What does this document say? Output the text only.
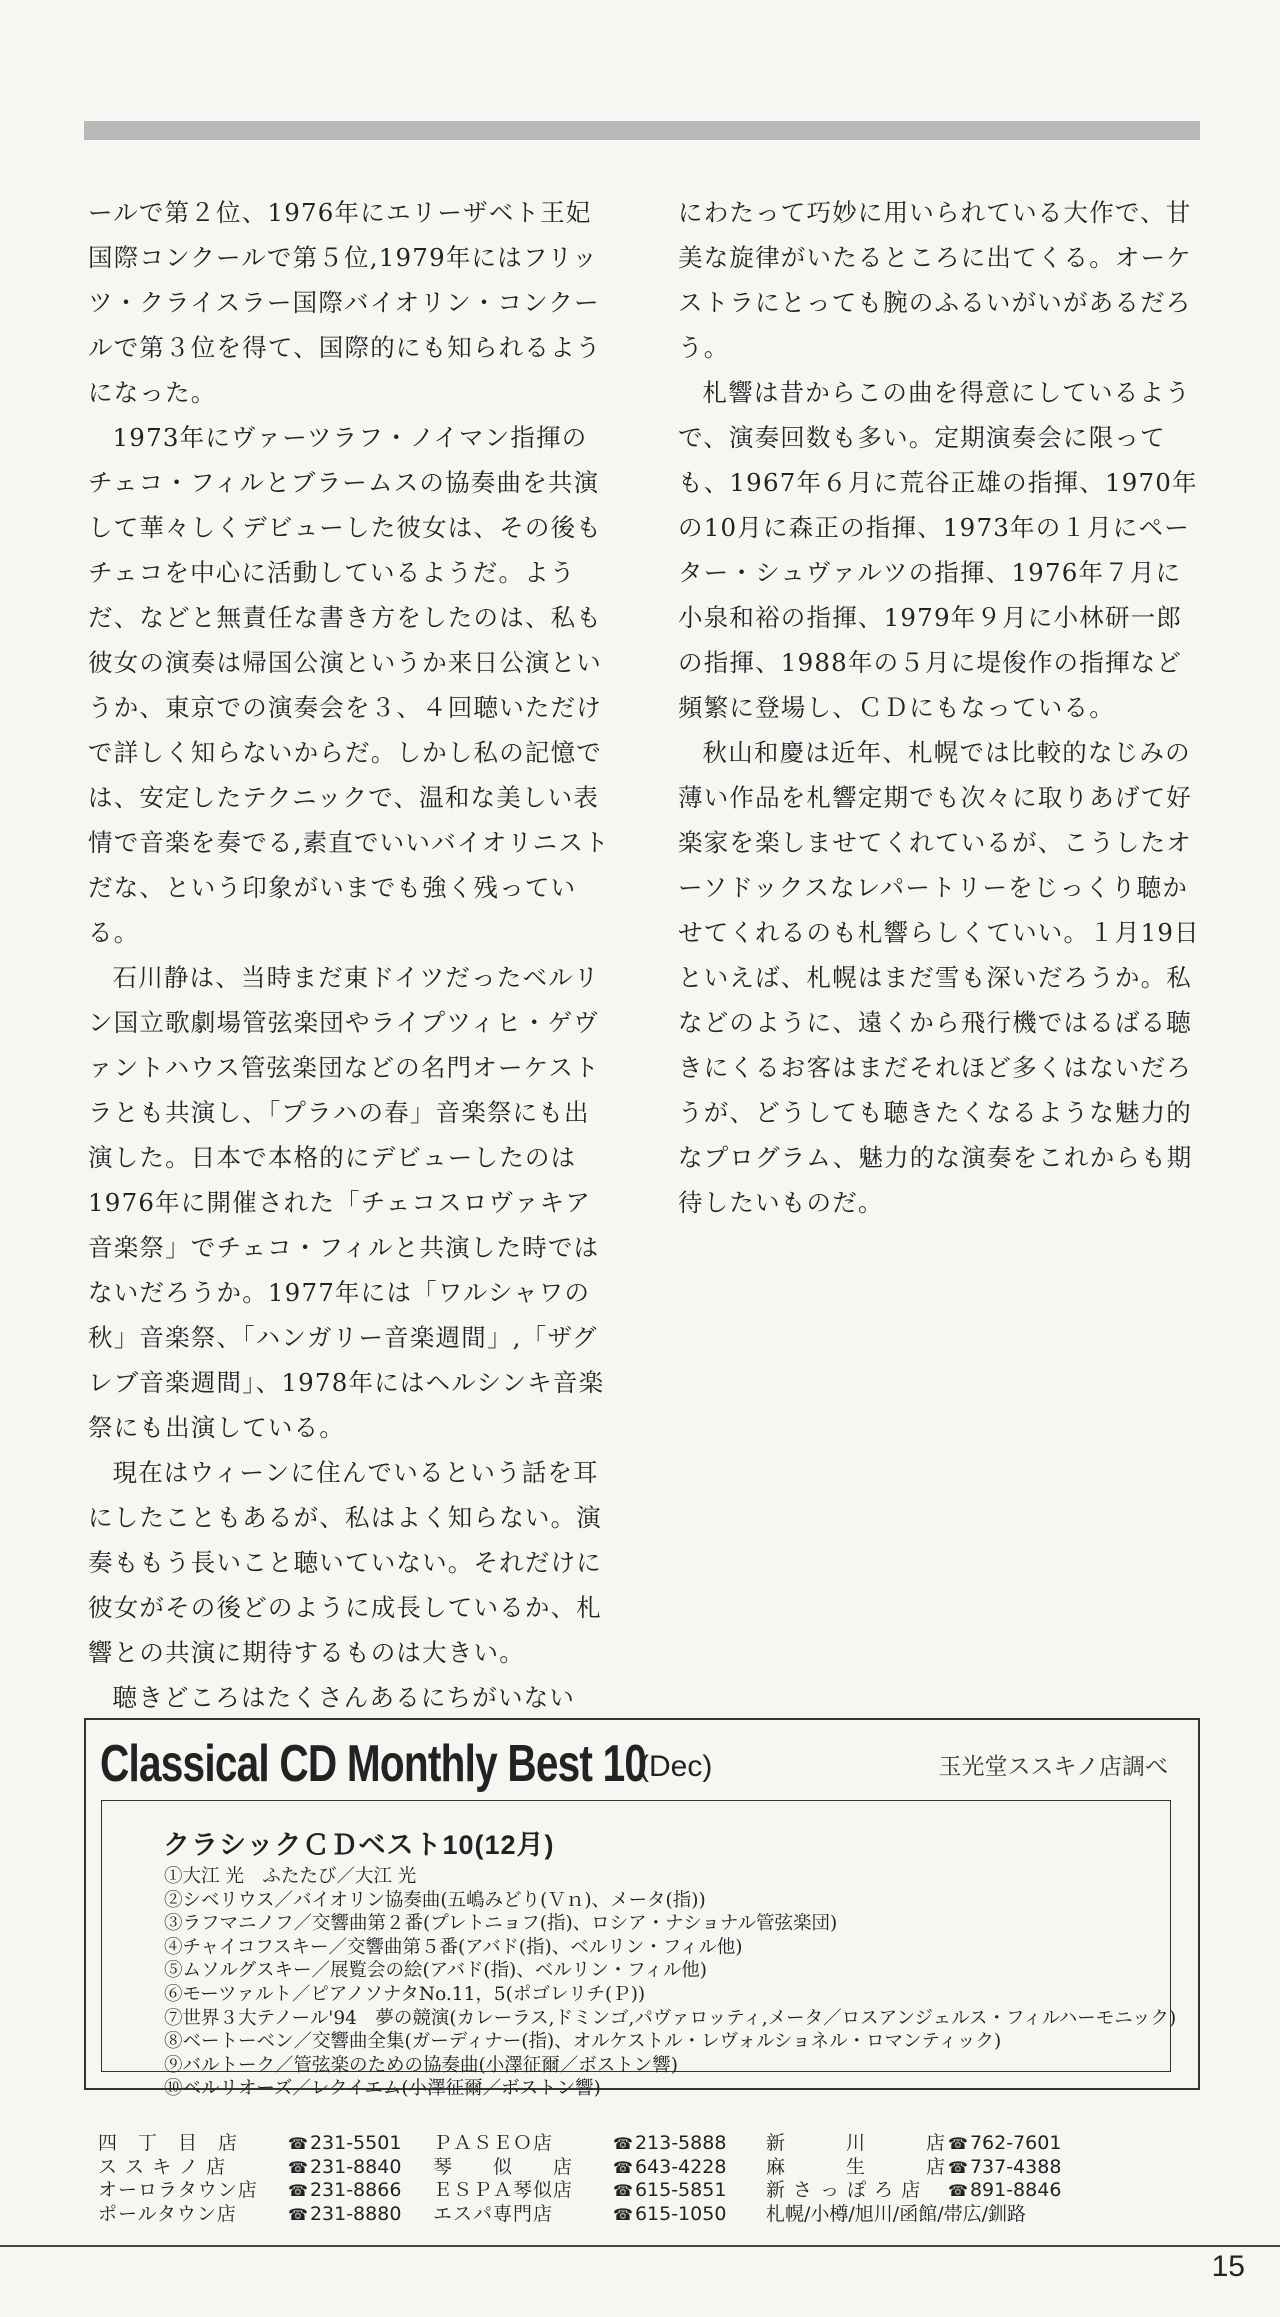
ールで第２位、1976年にエリーザベト王妃国際コンクールで第５位,1979年にはフリッツ・クライスラー国際バイオリン・コンクールで第３位を得て、国際的にも知られるようになった。

1973年にヴァーツラフ・ノイマン指揮のチェコ・フィルとブラームスの協奏曲を共演して華々しくデビューした彼女は、その後もチェコを中心に活動しているようだ。ようだ、などと無責任な書き方をしたのは、私も彼女の演奏は帰国公演というか来日公演というか、東京での演奏会を３、４回聴いただけで詳しく知らないからだ。しかし私の記憶では、安定したテクニックで、温和な美しい表情で音楽を奏でる,素直でいいバイオリニストだな、という印象がいまでも強く残っている。

石川静は、当時まだ東ドイツだったベルリン国立歌劇場管弦楽団やライプツィヒ・ゲヴァントハウス管弦楽団などの名門オーケストラとも共演し、「プラハの春」音楽祭にも出演した。日本で本格的にデビューしたのは1976年に開催された「チェコスロヴァキア音楽祭」でチェコ・フィルと共演した時ではないだろうか。1977年には「ワルシャワの秋」音楽祭、「ハンガリー音楽週間」,「ザグレブ音楽週間」、1978年にはヘルシンキ音楽祭にも出演している。

現在はウィーンに住んでいるという話を耳にしたこともあるが、私はよく知らない。演奏ももう長いこと聴いていない。それだけに彼女がその後どのように成長しているか、札響との共演に期待するものは大きい。

聴きどころはたくさんあるにちがいない

にわたって巧妙に用いられている大作で、甘美な旋律がいたるところに出てくる。オーケストラにとっても腕のふるいがいがあるだろう。

札響は昔からこの曲を得意にしているようで、演奏回数も多い。定期演奏会に限っても、1967年６月に荒谷正雄の指揮、1970年の10月に森正の指揮、1973年の１月にペーター・シュヴァルツの指揮、1976年７月に小泉和裕の指揮、1979年９月に小林研一郎の指揮、1988年の５月に堤俊作の指揮など頻繁に登場し、ＣＤにもなっている。

秋山和慶は近年、札幌では比較的なじみの薄い作品を札響定期でも次々に取りあげて好楽家を楽しませてくれているが、こうしたオーソドックスなレパートリーをじっくり聴かせてくれるのも札響らしくていい。１月19日といえば、札幌はまだ雪も深いだろうか。私などのように、遠くから飛行機ではるばる聴きにくるお客はまだそれほど多くはないだろうが、どうしても聴きたくなるような魅力的なプログラム、魅力的な演奏をこれからも期待したいものだ。

Classical CD Monthly Best 10
(Dec)	玉光堂ススキノ店調べ
クラシックＣＤベスト10(12月)
①大江 光　ふたたび／大江 光
②シベリウス／バイオリン協奏曲(五嶋みどり(Ｖｎ)、メータ(指))
③ラフマニノフ／交響曲第２番(プレトニョフ(指)、ロシア・ナショナル管弦楽団)
④チャイコフスキー／交響曲第５番(アバド(指)、ベルリン・フィル他)
⑤ムソルグスキー／展覧会の絵(アバド(指)、ベルリン・フィル他)
⑥モーツァルト／ピアノソナタNo.11，5(ポゴレリチ(Ｐ))
⑦世界３大テノール'94　夢の競演(カレーラス,ドミンゴ,パヴァロッティ,メータ／ロスアンジェルス・フィルハーモニック)
⑧ベートーベン／交響曲全集(ガーディナー(指)、オルケストル・レヴォルショネル・ロマンティック)
⑨バルトーク／管弦楽のための協奏曲(小澤征爾／ボストン響)
⑩ベルリオーズ／レクイエム(小澤征爾／ボストン響)
四　丁　目　店	☎ 231-5501
ス ス キ ノ 店	☎ 231-8840
オーロラタウン店	☎ 231-8866
ポールタウン店	☎ 231-8880
ＰＡＳＥＯ店	☎ 213-5888
琴　　似　　店	☎ 643-4228
ＥＳＰＡ琴似店	☎ 615-5851
エスパ専門店	☎ 615-1050
新　　　川　　　店 ☎ 762-7601
麻　　　生　　　店 ☎ 737-4388
新 さ っ ぽ ろ 店	☎ 891-8846
札幌/小樽/旭川/函館/帯広/釧路
15
